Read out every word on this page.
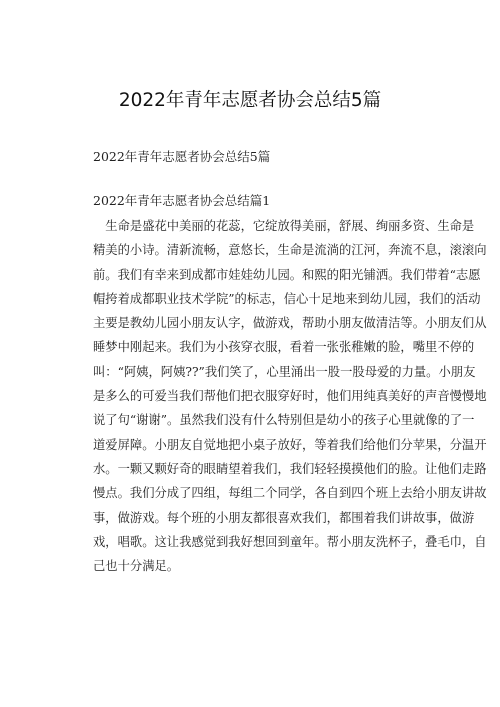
2022年青年志愿者协会总结5篇

2022年青年志愿者协会总结5篇

2022年青年志愿者协会总结篇1

　生命是盛花中美丽的花蕊，它绽放得美丽，舒展、绚丽多资、生命是
精美的小诗。清新流畅，意悠长，生命是流淌的江河，奔流不息，滚滚向
前。我们有幸来到成都市娃娃幼儿园。和熙的阳光铺洒。我们带着“志愿
帽挎着成都职业技术学院”的标志，信心十足地来到幼儿园，我们的活动
主要是教幼儿园小朋友认字，做游戏，帮助小朋友做清洁等。小朋友们从
睡梦中刚起来。我们为小孩穿衣服，看着一张张稚嫩的脸，嘴里不停的
叫：“阿姨，阿姨??”我们笑了，心里涌出一股一股母爱的力量。小朋友
是多么的可爱当我们帮他们把衣服穿好时，他们用纯真美好的声音慢慢地
说了句“谢谢”。虽然我们没有什么特别但是幼小的孩子心里就像的了一
道爱屏障。小朋友自觉地把小桌子放好，等着我们给他们分苹果，分温开
水。一颗又颗好奇的眼睛望着我们，我们轻轻摸摸他们的脸。让他们走路
慢点。我们分成了四组，每组二个同学，各自到四个班上去给小朋友讲故
事，做游戏。每个班的小朋友都很喜欢我们，都围着我们讲故事，做游
戏，唱歌。这让我感觉到我好想回到童年。帮小朋友洗杯子，叠毛巾，自
己也十分满足。
